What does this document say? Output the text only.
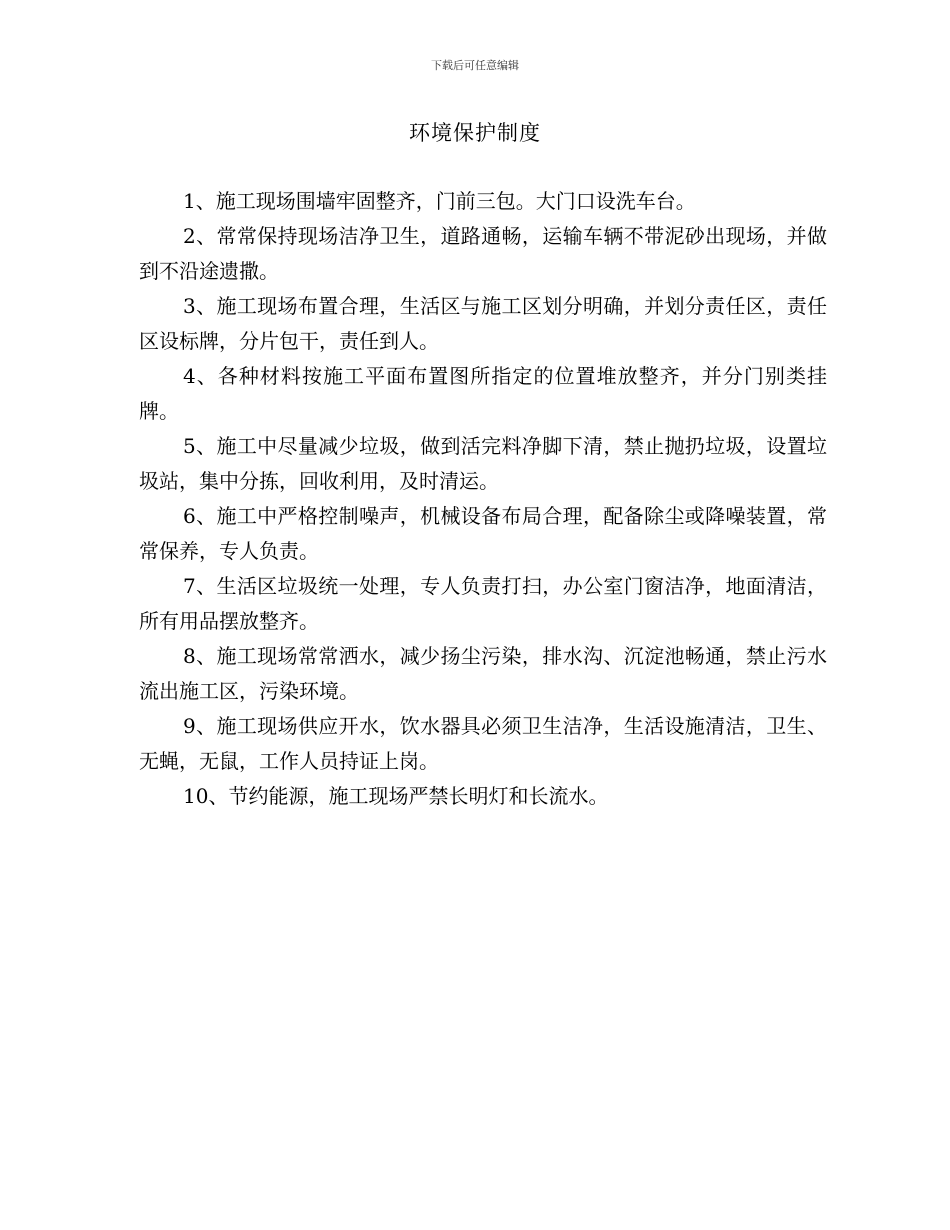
下载后可任意编辑
环境保护制度

1、施工现场围墙牢固整齐，门前三包。大门口设洗车台。

2、常常保持现场洁净卫生，道路通畅，运输车辆不带泥砂出现场，并做到不沿途遗撒。

3、施工现场布置合理，生活区与施工区划分明确，并划分责任区，责任区设标牌，分片包干，责任到人。

4、各种材料按施工平面布置图所指定的位置堆放整齐，并分门别类挂牌。

5、施工中尽量减少垃圾，做到活完料净脚下清，禁止抛扔垃圾，设置垃圾站，集中分拣，回收利用，及时清运。

6、施工中严格控制噪声，机械设备布局合理，配备除尘或降噪装置，常常保养，专人负责。

7、生活区垃圾统一处理，专人负责打扫，办公室门窗洁净，地面清洁，所有用品摆放整齐。

8、施工现场常常洒水，减少扬尘污染，排水沟、沉淀池畅通，禁止污水流出施工区，污染环境。

9、施工现场供应开水，饮水器具必须卫生洁净，生活设施清洁，卫生、无蝇，无鼠，工作人员持证上岗。

10、节约能源，施工现场严禁长明灯和长流水。
